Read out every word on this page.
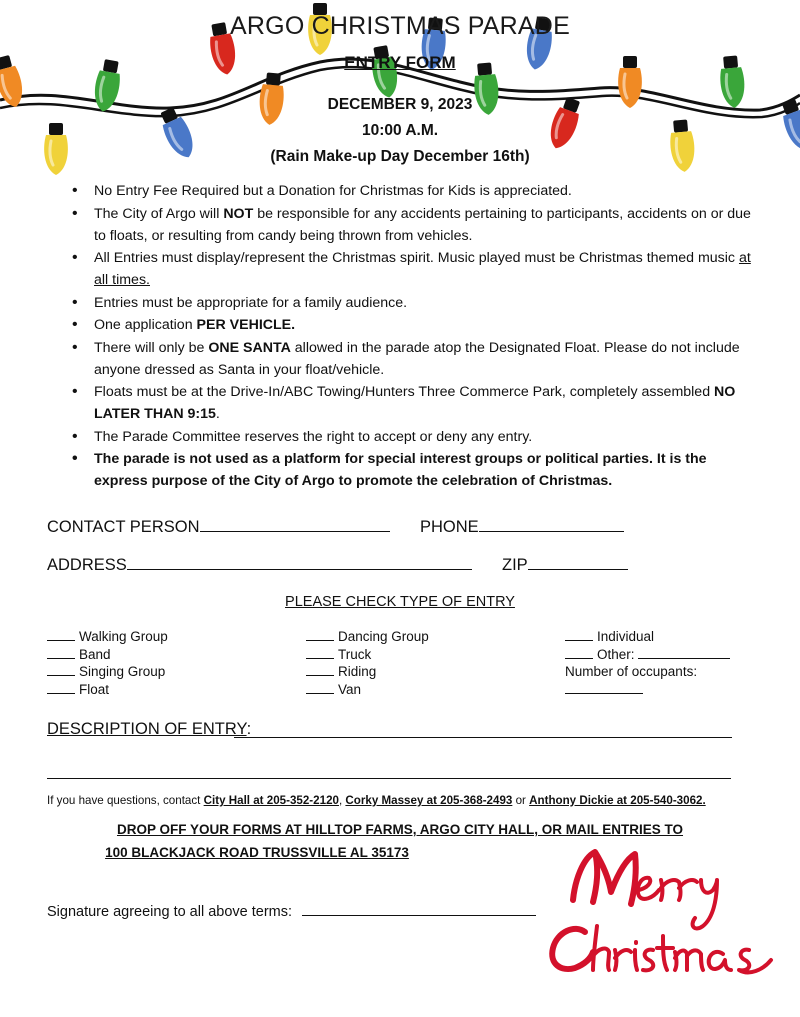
ARGO CHRISTMAS PARADE
ENTRY FORM
DECEMBER 9, 2023
10:00 A.M.
(Rain Make-up Day December 16th)
• No Entry Fee Required but a Donation for Christmas for Kids is appreciated.
• The City of Argo will NOT be responsible for any accidents pertaining to participants, accidents on or due to floats, or resulting from candy being thrown from vehicles.
• All Entries must display/represent the Christmas spirit. Music played must be Christmas themed music at all times.
• Entries must be appropriate for a family audience.
• One application PER VEHICLE.
• There will only be ONE SANTA allowed in the parade atop the Designated Float. Please do not include anyone dressed as Santa in your float/vehicle.
• Floats must be at the Drive-In/ABC Towing/Hunters Three Commerce Park, completely assembled NO LATER THAN 9:15.
• The Parade Committee reserves the right to accept or deny any entry.
• The parade is not used as a platform for special interest groups or political parties. It is the express purpose of the City of Argo to promote the celebration of Christmas.
CONTACT PERSON	PHONE
ADDRESS	ZIP
PLEASE CHECK TYPE OF ENTRY
Walking Group
Band
Singing Group
Float
Dancing Group
Truck
Riding
Van
Individual
Other:
Number of occupants:
DESCRIPTION OF ENTRY:
If you have questions, contact City Hall at 205-352-2120, Corky Massey at 205-368-2493 or Anthony Dickie at 205-540-3062.
DROP OFF YOUR FORMS AT HILLTOP FARMS, ARGO CITY HALL, OR MAIL ENTRIES TO
100 BLACKJACK ROAD TRUSSVILLE AL 35173
Signature agreeing to all above terms:
